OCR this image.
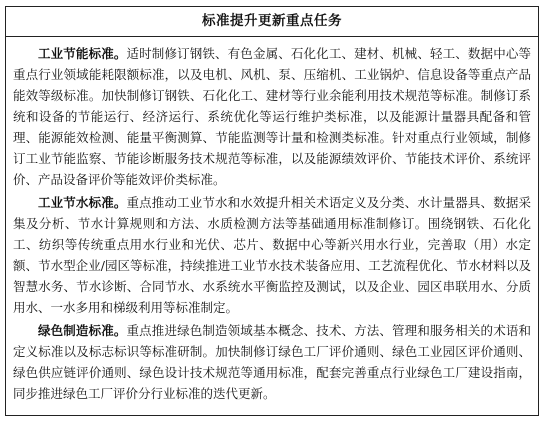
标准提升更新重点任务

工业节能标准。适时制修订钢铁、有色金属、石化化工、建材、机械、轻工、数据中心等重点行业领域能耗限额标准，以及电机、风机、泵、压缩机、工业锅炉、信息设备等重点产品能效等级标准。加快制修订钢铁、石化化工、建材等行业余能利用技术规范等标准。制修订系统和设备的节能运行、经济运行、系统优化等运行维护类标准，以及能源计量器具配备和管理、能源能效检测、能量平衡测算、节能监测等计量和检测类标准。针对重点行业领域，制修订工业节能监察、节能诊断服务技术规范等标准，以及能源绩效评价、节能技术评价、系统评价、产品设备评价等能效评价类标准。

工业节水标准。重点推动工业节水和水效提升相关术语定义及分类、水计量器具、数据采集及分析、节水计算规则和方法、水质检测方法等基础通用标准制修订。围绕钢铁、石化化工、纺织等传统重点用水行业和光伏、芯片、数据中心等新兴用水行业，完善取（用）水定额、节水型企业/园区等标准，持续推进工业节水技术装备应用、工艺流程优化、节水材料以及智慧水务、节水诊断、合同节水、水系统水平衡监控及测试，以及企业、园区串联用水、分质用水、一水多用和梯级利用等标准制定。

绿色制造标准。重点推进绿色制造领域基本概念、技术、方法、管理和服务相关的术语和定义标准以及标志标识等标准研制。加快制修订绿色工厂评价通则、绿色工业园区评价通则、绿色供应链评价通则、绿色设计技术规范等通用标准，配套完善重点行业绿色工厂建设指南，同步推进绿色工厂评价分行业标准的迭代更新。
